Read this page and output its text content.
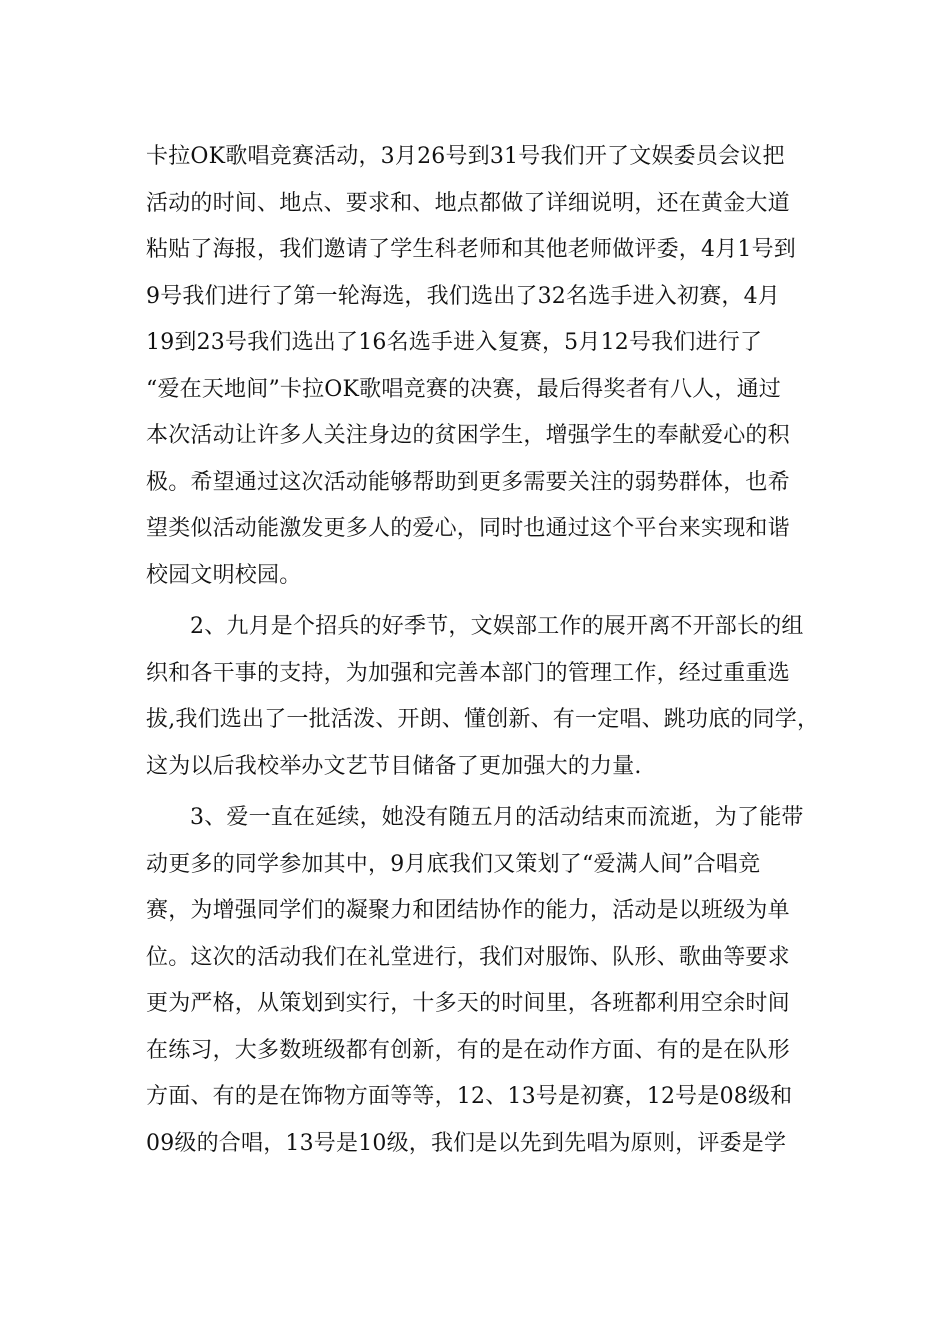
卡拉OK歌唱竞赛活动，3月26号到31号我们开了文娱委员会议把
活动的时间、地点、要求和、地点都做了详细说明，还在黄金大道
粘贴了海报，我们邀请了学生科老师和其他老师做评委，4月1号到
9号我们进行了第一轮海选，我们选出了32名选手进入初赛，4月
19到23号我们选出了16名选手进入复赛，5月12号我们进行了
“爱在天地间”卡拉OK歌唱竞赛的决赛，最后得奖者有八人，通过
本次活动让许多人关注身边的贫困学生，增强学生的奉献爱心的积
极。希望通过这次活动能够帮助到更多需要关注的弱势群体，也希
望类似活动能激发更多人的爱心，同时也通过这个平台来实现和谐
校园文明校园。
2、九月是个招兵的好季节，文娱部工作的展开离不开部长的组
织和各干事的支持，为加强和完善本部门的管理工作，经过重重选
拔,我们选出了一批活泼、开朗、懂创新、有一定唱、跳功底的同学，
这为以后我校举办文艺节目储备了更加强大的力量.
3、爱一直在延续，她没有随五月的活动结束而流逝，为了能带
动更多的同学参加其中，9月底我们又策划了“爱满人间”合唱竞
赛，为增强同学们的凝聚力和团结协作的能力，活动是以班级为单
位。这次的活动我们在礼堂进行，我们对服饰、队形、歌曲等要求
更为严格，从策划到实行，十多天的时间里，各班都利用空余时间
在练习，大多数班级都有创新，有的是在动作方面、有的是在队形
方面、有的是在饰物方面等等，12、13号是初赛，12号是08级和
09级的合唱，13号是10级，我们是以先到先唱为原则，评委是学
